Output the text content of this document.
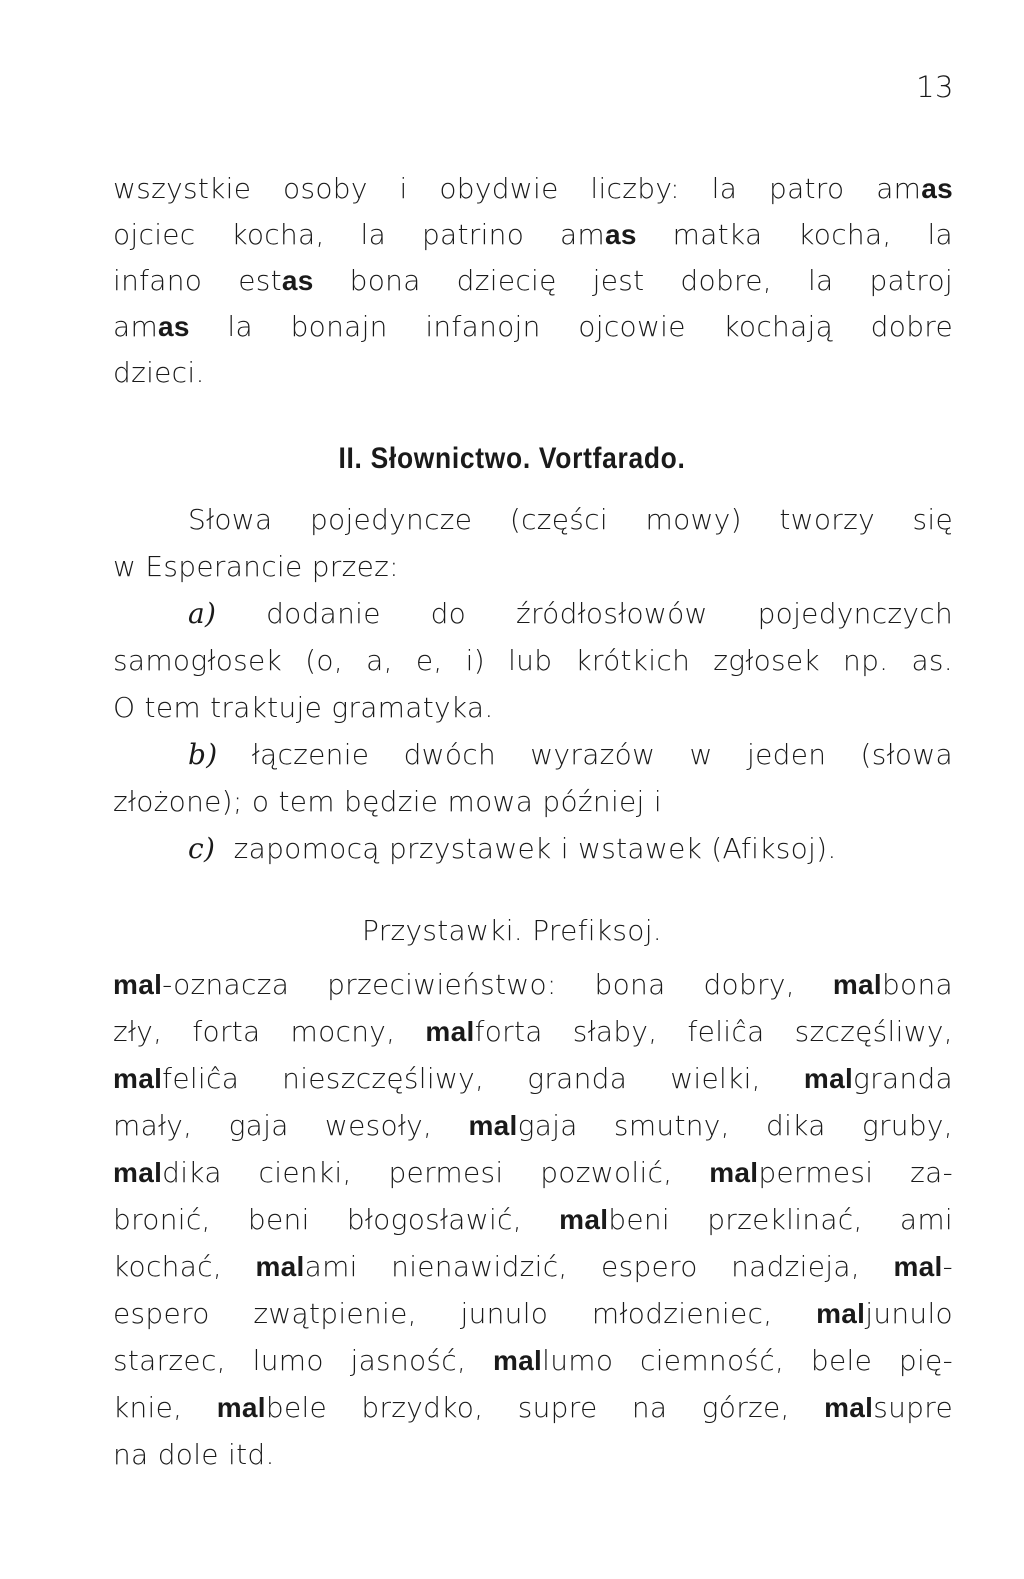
13
wszystkie osoby i obydwie liczby: la patro amas
ojciec kocha, la patrino amas matka kocha, la
infano estas bona dziecię jest dobre, la patroj
amas la bonajn infanojn ojcowie kochają dobre
dzieci.
II. Słownictwo. Vortfarado.
Słowa pojedyncze (części mowy) tworzy się
w Esperancie przez:
a) dodanie do źródłosłowów pojedynczych
samogłosek (o, a, e, i) lub krótkich zgłosek np. as.
O tem traktuje gramatyka.
b) łączenie dwóch wyrazów w jeden (słowa
złożone); o tem będzie mowa później i
c) zapomocą przystawek i wstawek (Afiksoj).
Przystawki. Prefiksoj.
mal-oznacza przeciwieństwo: bona dobry, malbona
zły, forta mocny, malforta słaby, feliĉa szczęśliwy,
malfeliĉa nieszczęśliwy, granda wielki, malgranda
mały, gaja wesoły, malgaja smutny, dika gruby,
maldika cienki, permesi pozwolić, malpermesi za-
bronić, beni błogosławić, malbeni przeklinać, ami
kochać, malami nienawidzić, espero nadzieja, mal-
espero zwątpienie, junulo młodzieniec, maljunulo
starzec, lumo jasność, mallumo ciemność, bele pię-
knie, malbele brzydko, supre na górze, malsupre
na dole itd.
